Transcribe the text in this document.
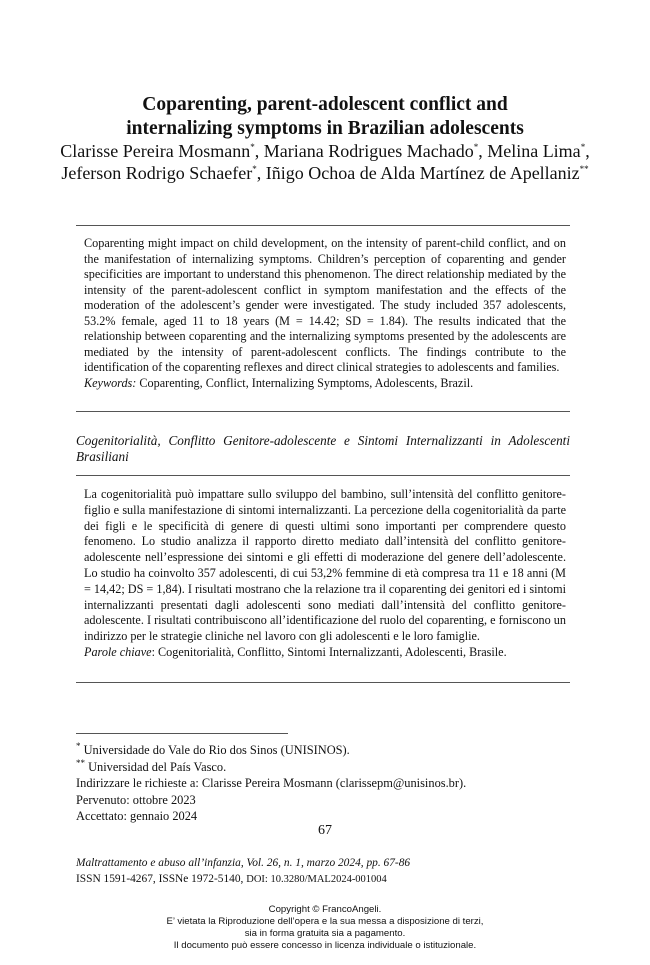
Coparenting, parent-adolescent conflict and
internalizing symptoms in Brazilian adolescents
Clarisse Pereira Mosmann*, Mariana Rodrigues Machado*, Melina Lima*, Jeferson Rodrigo Schaefer*, Iñigo Ochoa de Alda Martínez de Apellaniz**
Coparenting might impact on child development, on the intensity of parent-child conflict, and on the manifestation of internalizing symptoms. Children’s perception of coparenting and gender specificities are important to understand this phenomenon. The direct relationship mediated by the intensity of the parent-adolescent conflict in symptom manifestation and the effects of the moderation of the adolescent’s gender were investigated. The study included 357 adolescents, 53.2% female, aged 11 to 18 years (M = 14.42; SD = 1.84). The results indicated that the relationship between coparenting and the internalizing symptoms presented by the adolescents are mediated by the intensity of parent-adolescent conflicts. The findings contribute to the identification of the coparenting reflexes and direct clinical strategies to adolescents and families.
Keywords: Coparenting, Conflict, Internalizing Symptoms, Adolescents, Brazil.
Cogenitorialità, Conflitto Genitore-adolescente e Sintomi Internalizzanti in Adolescenti Brasiliani
La cogenitorialità può impattare sullo sviluppo del bambino, sull’intensità del conflitto genitore-figlio e sulla manifestazione di sintomi internalizzanti. La percezione della cogenitorialità da parte dei figli e le specificità di genere di questi ultimi sono importanti per comprendere questo fenomeno. Lo studio analizza il rapporto diretto mediato dall’intensità del conflitto genitore-adolescente nell’espressione dei sintomi e gli effetti di moderazione del genere dell’adolescente. Lo studio ha coinvolto 357 adolescenti, di cui 53,2% femmine di età compresa tra 11 e 18 anni (M = 14,42; DS = 1,84). I risultati mostrano che la relazione tra il coparenting dei genitori ed i sintomi internalizzanti presentati dagli adolescenti sono mediati dall’intensità del conflitto genitore-adolescente. I risultati contribuiscono all’identificazione del ruolo del coparenting, e forniscono un indirizzo per le strategie cliniche nel lavoro con gli adolescenti e le loro famiglie.
Parole chiave: Cogenitorialità, Conflitto, Sintomi Internalizzanti, Adolescenti, Brasile.
* Universidade do Vale do Rio dos Sinos (UNISINOS).
** Universidad del País Vasco.
Indirizzare le richieste a: Clarisse Pereira Mosmann (clarissepm@unisinos.br).
Pervenuto: ottobre 2023
Accettato: gennaio 2024
67
Maltrattamento e abuso all’infanzia, Vol. 26, n. 1, marzo 2024, pp. 67-86
ISSN 1591-4267, ISSNe 1972-5140, DOI: 10.3280/MAL2024-001004
Copyright © FrancoAngeli.
E’ vietata la Riproduzione dell’opera e la sua messa a disposizione di terzi,
sia in forma gratuita sia a pagamento.
Il documento può essere concesso in licenza individuale o istituzionale.
